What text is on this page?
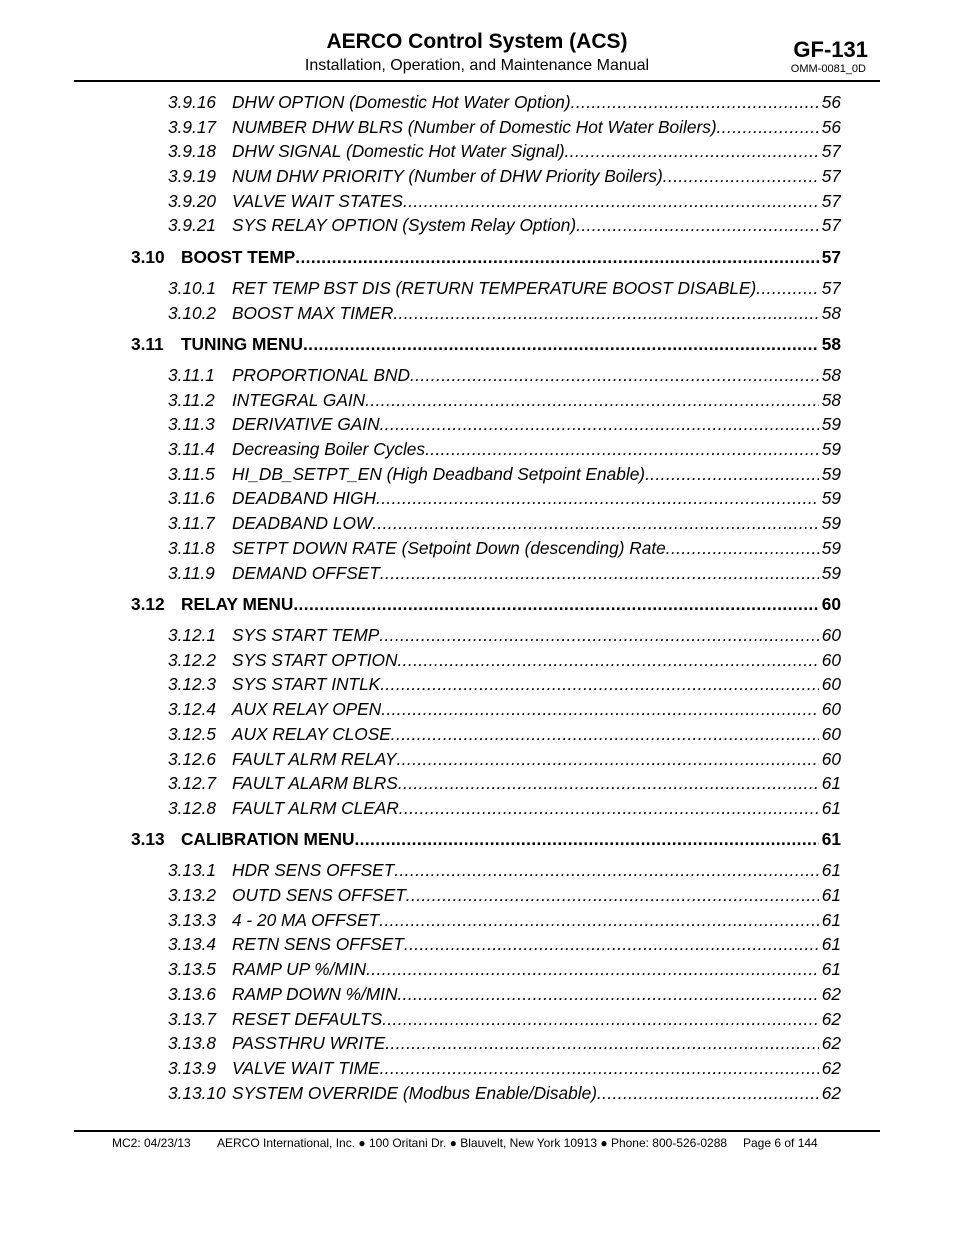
AERCO Control System (ACS)
Installation, Operation, and Maintenance Manual
GF-131
OMM-0081_0D
3.9.16 DHW OPTION (Domestic Hot Water Option) . . .	56
3.9.17 NUMBER DHW BLRS (Number of Domestic Hot Water Boilers) . . .	56
3.9.18 DHW SIGNAL (Domestic Hot Water Signal) . . .	57
3.9.19 NUM DHW PRIORITY (Number of DHW Priority Boilers) . . .	57
3.9.20 VALVE WAIT STATES . . .	57
3.9.21 SYS RELAY OPTION (System Relay Option) . . .	57
3.10 BOOST TEMP . . .	57
3.10.1 RET TEMP BST DIS (RETURN TEMPERATURE BOOST DISABLE) . . .	57
3.10.2 BOOST MAX TIMER . . .	58
3.11	TUNING MENU . . .	58
3.11.1 PROPORTIONAL BND . . .	58
3.11.2 INTEGRAL GAIN . . .	58
3.11.3 DERIVATIVE GAIN . . .	59
3.11.4 Decreasing Boiler Cycles . . .	59
3.11.5 HI_DB_SETPT_EN (High Deadband Setpoint Enable) . . .	59
3.11.6 DEADBAND HIGH . . .	59
3.11.7 DEADBAND LOW . . .	59
3.11.8 SETPT DOWN RATE (Setpoint Down (descending) Rate . . .	59
3.11.9 DEMAND OFFSET . . .	59
3.12 RELAY MENU . . .	60
3.12.1 SYS START TEMP . . .	60
3.12.2 SYS START OPTION . . .	60
3.12.3 SYS START INTLK . . .	60
3.12.4 AUX RELAY OPEN . . .	60
3.12.5 AUX RELAY CLOSE . . .	60
3.12.6 FAULT ALRM RELAY . . .	60
3.12.7 FAULT ALARM BLRS . . .	61
3.12.8 FAULT ALRM CLEAR . . .	61
3.13 CALIBRATION MENU . . .	61
3.13.1 HDR SENS OFFSET . . .	61
3.13.2 OUTD SENS OFFSET . . .	61
3.13.3 4 - 20 MA OFFSET . . .	61
3.13.4 RETN SENS OFFSET . . .	61
3.13.5 RAMP UP %/MIN . . .	61
3.13.6 RAMP DOWN %/MIN . . .	62
3.13.7 RESET DEFAULTS . . .	62
3.13.8 PASSTHRU WRITE . . .	62
3.13.9 VALVE WAIT TIME . . .	62
3.13.10 SYSTEM OVERRIDE (Modbus Enable/Disable) . . .	62
MC2: 04/23/13 AERCO International, Inc. ● 100 Oritani Dr. ● Blauvelt, New York 10913 ● Phone: 800-526-0288 Page 6 of 144
